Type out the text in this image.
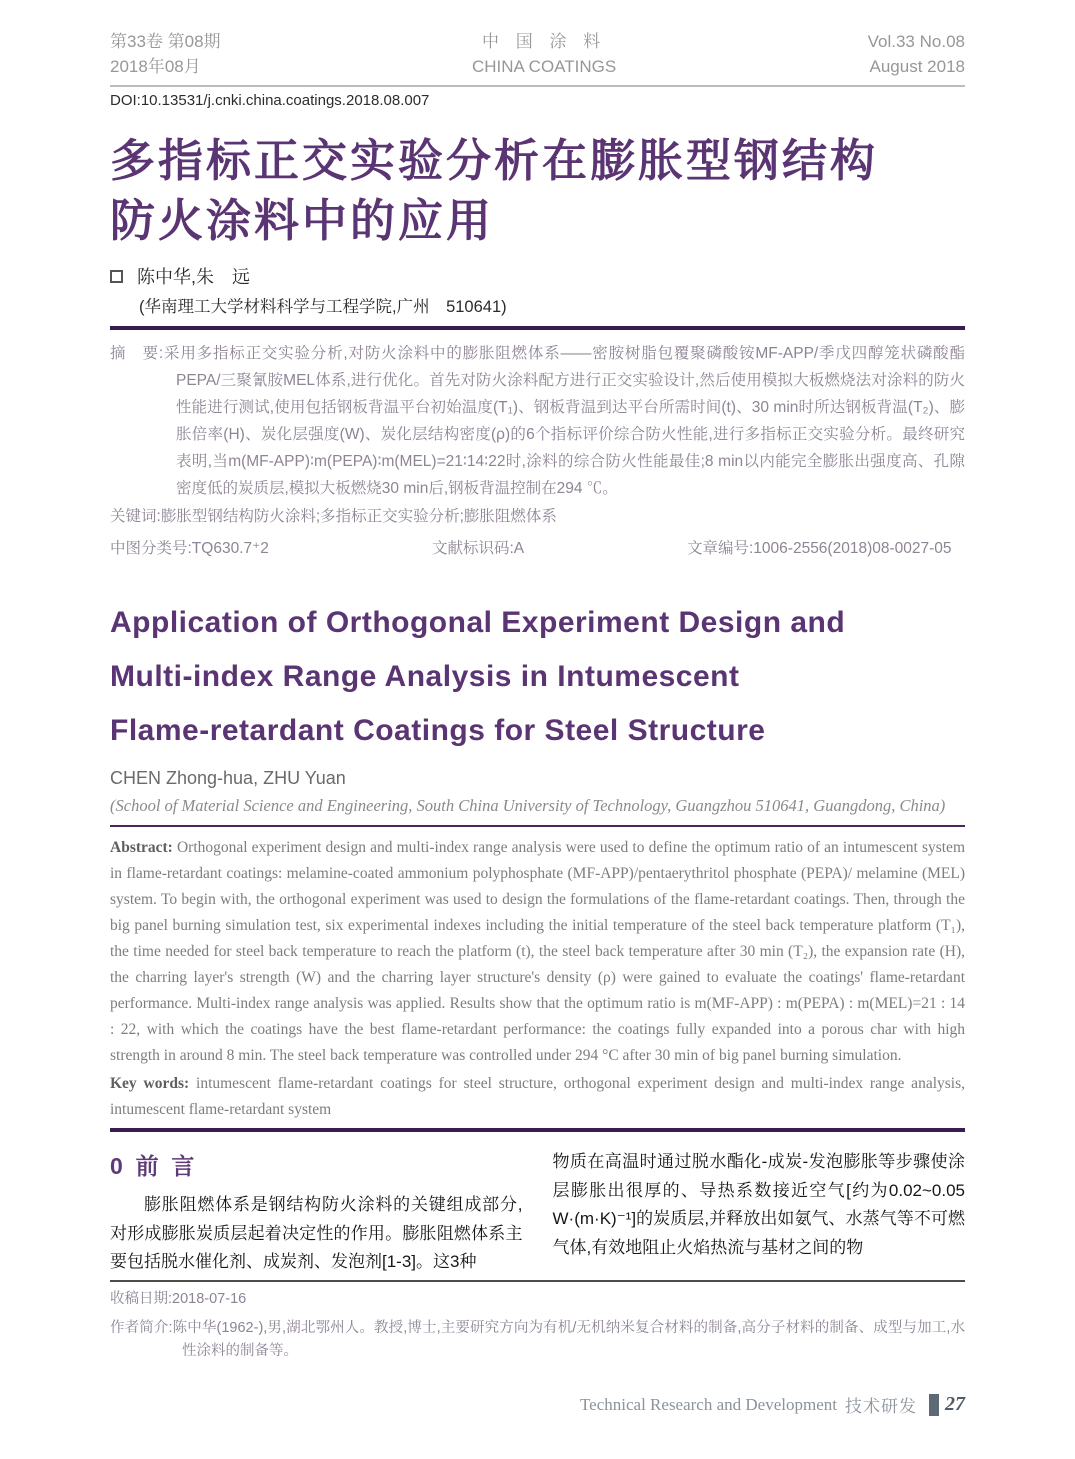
第33卷 第08期
2018年08月
中 国 涂 料
CHINA COATINGS
Vol.33 No.08
August 2018
DOI:10.13531/j.cnki.china.coatings.2018.08.007
多指标正交实验分析在膨胀型钢结构
防火涂料中的应用
陈中华,朱　远
(华南理工大学材料科学与工程学院,广州　510641)
摘　要:采用多指标正交实验分析,对防火涂料中的膨胀阻燃体系——密胺树脂包覆聚磷酸铵MF-APP/季戊四醇笼状磷酸酯PEPA/三聚氰胺MEL体系,进行优化。首先对防火涂料配方进行正交实验设计,然后使用模拟大板燃烧法对涂料的防火性能进行测试,使用包括钢板背温平台初始温度(T₁)、钢板背温到达平台所需时间(t)、30 min时所达钢板背温(T₂)、膨胀倍率(H)、炭化层强度(W)、炭化层结构密度(ρ)的6个指标评价综合防火性能,进行多指标正交实验分析。最终研究表明,当m(MF-APP)∶m(PEPA)∶m(MEL)=21∶14∶22时,涂料的综合防火性能最佳;8 min以内能完全膨胀出强度高、孔隙密度低的炭质层,模拟大板燃烧30 min后,钢板背温控制在294 ℃。
关键词:膨胀型钢结构防火涂料;多指标正交实验分析;膨胀阻燃体系
中图分类号:TQ630.7⁺2	文献标识码:A	文章编号:1006-2556(2018)08-0027-05
Application of Orthogonal Experiment Design and
Multi-index Range Analysis in Intumescent
Flame-retardant Coatings for Steel Structure
CHEN Zhong-hua, ZHU Yuan
(School of Material Science and Engineering, South China University of Technology, Guangzhou 510641, Guangdong, China)
Abstract: Orthogonal experiment design and multi-index range analysis were used to define the optimum ratio of an intumescent system in flame-retardant coatings: melamine-coated ammonium polyphosphate (MF-APP)/pentaerythritol phosphate (PEPA)/ melamine (MEL) system. To begin with, the orthogonal experiment was used to design the formulations of the flame-retardant coatings. Then, through the big panel burning simulation test, six experimental indexes including the initial temperature of the steel back temperature platform (T₁), the time needed for steel back temperature to reach the platform (t), the steel back temperature after 30 min (T₂), the expansion rate (H), the charring layer's strength (W) and the charring layer structure's density (ρ) were gained to evaluate the coatings' flame-retardant performance. Multi-index range analysis was applied. Results show that the optimum ratio is m(MF-APP) : m(PEPA) : m(MEL)=21 : 14 : 22, with which the coatings have the best flame-retardant performance: the coatings fully expanded into a porous char with high strength in around 8 min. The steel back temperature was controlled under 294 °C after 30 min of big panel burning simulation.
Key words: intumescent flame-retardant coatings for steel structure, orthogonal experiment design and multi-index range analysis, intumescent flame-retardant system
0  前  言
膨胀阻燃体系是钢结构防火涂料的关键组成部分,对形成膨胀炭质层起着决定性的作用。膨胀阻燃体系主要包括脱水催化剂、成炭剂、发泡剂[1-3]。这3种
物质在高温时通过脱水酯化-成炭-发泡膨胀等步骤使涂层膨胀出很厚的、导热系数接近空气[约为0.02~0.05 W·(m·K)⁻¹]的炭质层,并释放出如氨气、水蒸气等不可燃气体,有效地阻止火焰热流与基材之间的物
收稿日期:2018-07-16
作者简介:陈中华(1962-),男,湖北鄂州人。教授,博士,主要研究方向为有机/无机纳米复合材料的制备,高分子材料的制备、成型与加工,水性涂料的制备等。
Technical Research and Development 技术研发 27
